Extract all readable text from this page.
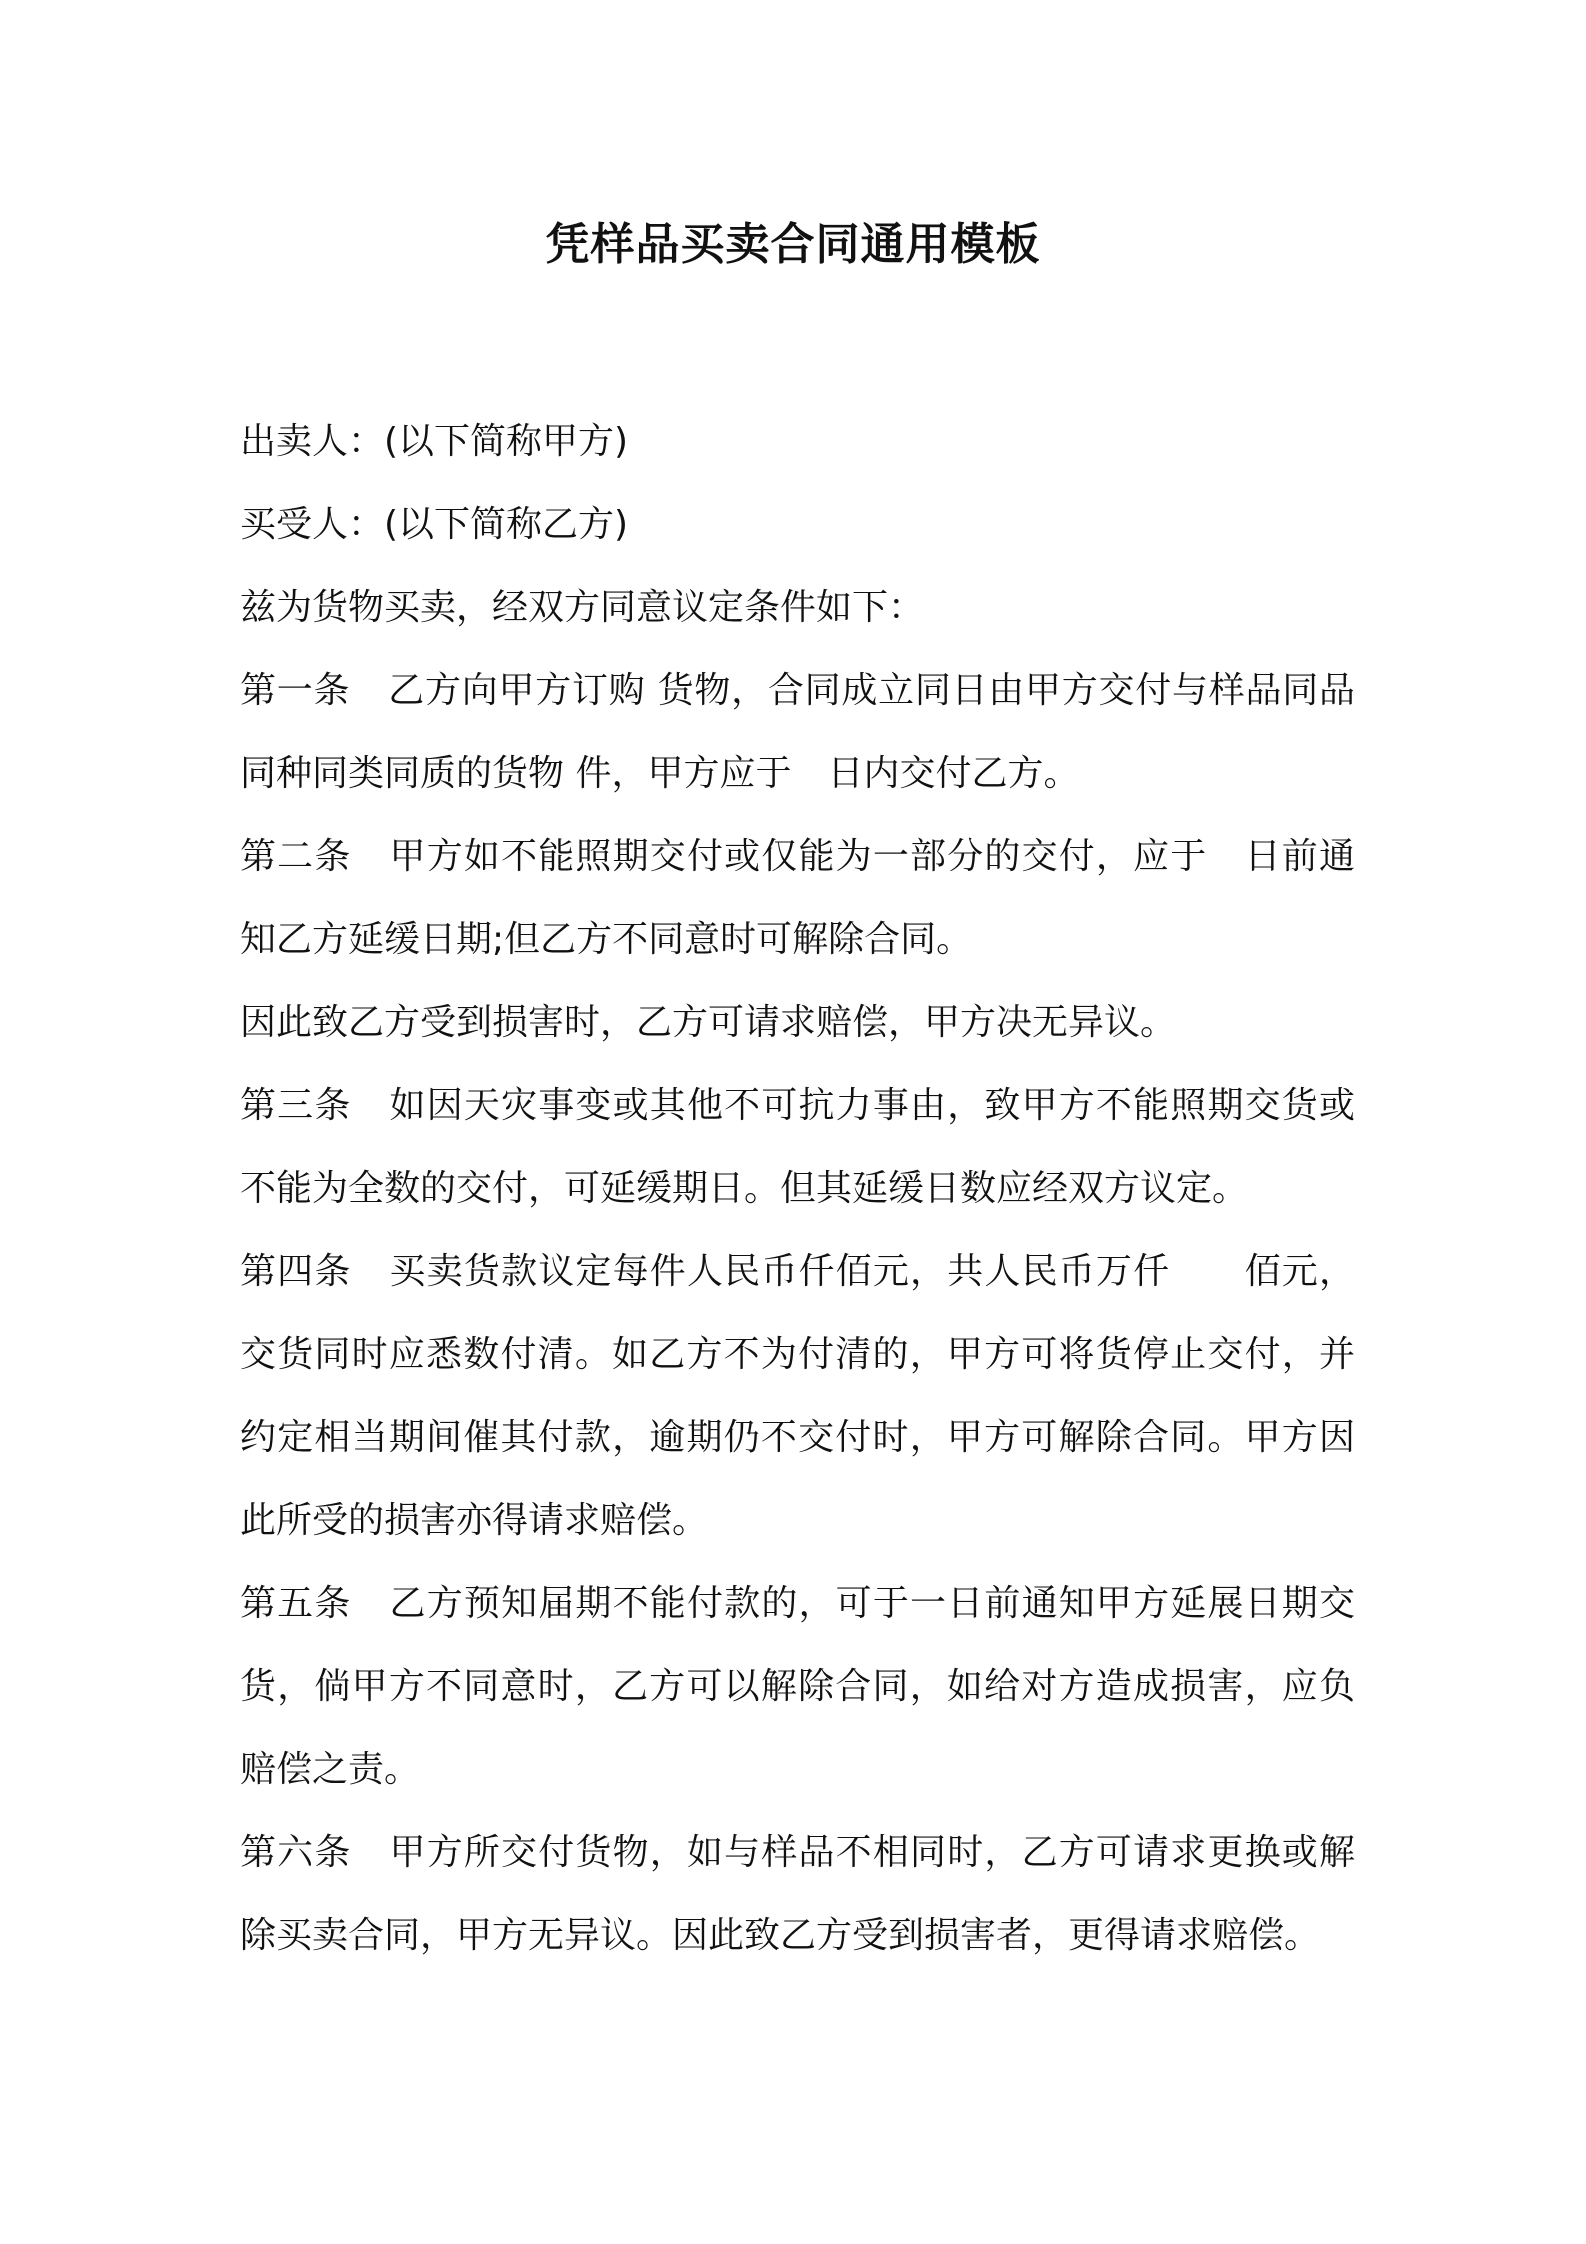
凭样品买卖合同通用模板

出卖人：(以下简称甲方)

买受人：(以下简称乙方)

兹为货物买卖，经双方同意议定条件如下：

第一条 乙方向甲方订购 货物，合同成立同日由甲方交付与样品同品同种同类同质的货物 件，甲方应于　日内交付乙方。

第二条 甲方如不能照期交付或仅能为一部分的交付，应于　日前通知乙方延缓日期;但乙方不同意时可解除合同。

因此致乙方受到损害时，乙方可请求赔偿，甲方决无异议。

第三条 如因天灾事变或其他不可抗力事由，致甲方不能照期交货或不能为全数的交付，可延缓期日。但其延缓日数应经双方议定。

第四条 买卖货款议定每件人民币仟佰元，共人民币万仟　　佰元，交货同时应悉数付清。如乙方不为付清的，甲方可将货停止交付，并约定相当期间催其付款，逾期仍不交付时，甲方可解除合同。甲方因此所受的损害亦得请求赔偿。

第五条 乙方预知届期不能付款的，可于一日前通知甲方延展日期交货，倘甲方不同意时，乙方可以解除合同，如给对方造成损害，应负赔偿之责。

第六条 甲方所交付货物，如与样品不相同时，乙方可请求更换或解除买卖合同，甲方无异议。因此致乙方受到损害者，更得请求赔偿。
